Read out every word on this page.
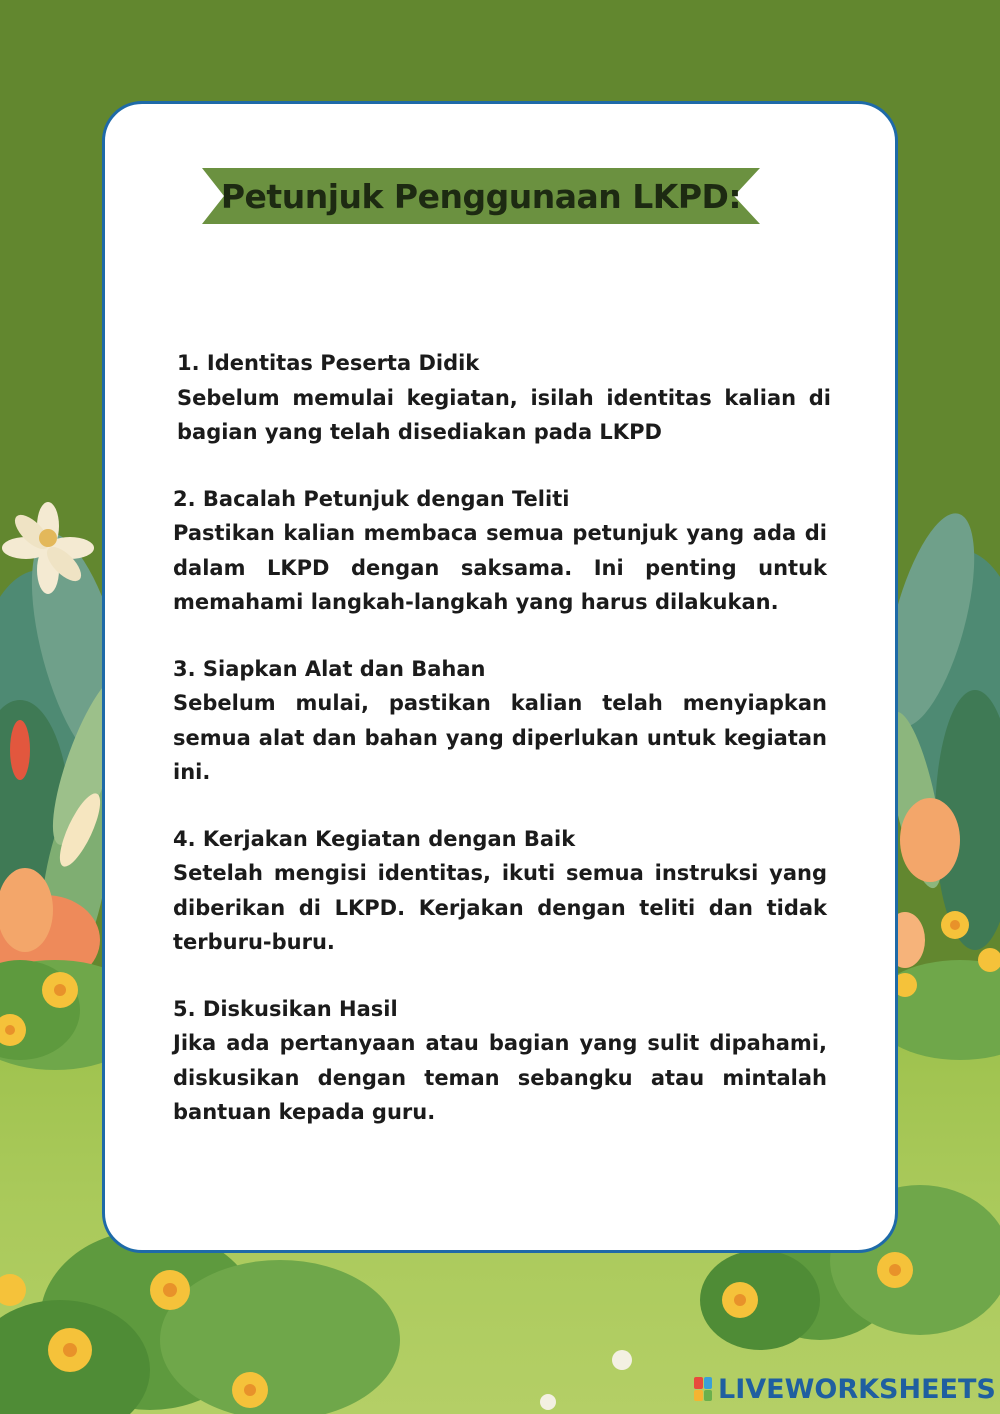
Petunjuk Penggunaan LKPD:
1. Identitas Peserta Didik
Sebelum memulai kegiatan, isilah identitas kalian di bagian yang telah disediakan pada LKPD
2. Bacalah Petunjuk dengan Teliti
Pastikan kalian membaca semua petunjuk yang ada di dalam LKPD dengan saksama. Ini penting untuk memahami langkah-langkah yang harus dilakukan.
3. Siapkan Alat dan Bahan
Sebelum mulai, pastikan kalian telah menyiapkan semua alat dan bahan yang diperlukan untuk kegiatan ini.
4. Kerjakan Kegiatan dengan Baik
Setelah mengisi identitas, ikuti semua instruksi yang diberikan di LKPD. Kerjakan dengan teliti dan tidak terburu-buru.
5. Diskusikan Hasil
Jika ada pertanyaan atau bagian yang sulit dipahami, diskusikan dengan teman sebangku atau mintalah bantuan kepada guru.
LIVEWORKSHEETS
